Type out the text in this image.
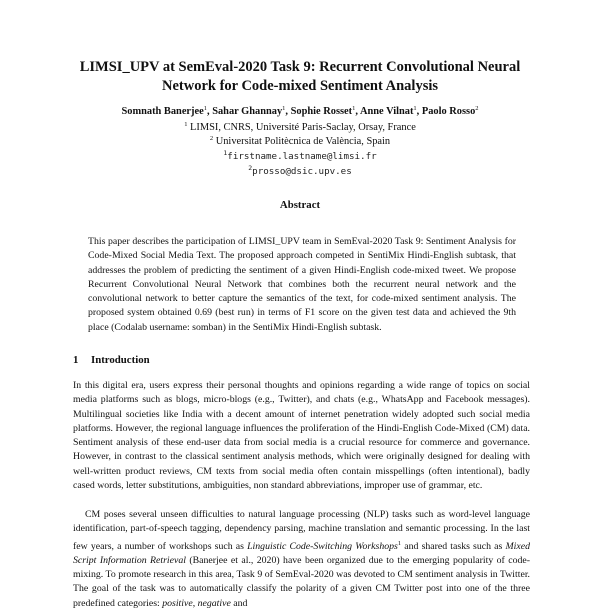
LIMSI_UPV at SemEval-2020 Task 9: Recurrent Convolutional Neural
Network for Code-mixed Sentiment Analysis
Somnath Banerjee$^1$, Sahar Ghannay$^1$, Sophie Rosset$^1$, Anne Vilnat$^1$, Paolo Rosso$^2$
$^1$ LIMSI, CNRS, Université Paris-Saclay, Orsay, France
$^2$ Universitat Politècnica de València, Spain
$^1$firstname.lastname@limsi.fr
$^2$prosso@dsic.upv.es
Abstract
This paper describes the participation of LIMSI_UPV team in SemEval-2020 Task 9: Sentiment Analysis for Code-Mixed Social Media Text. The proposed approach competed in SentiMix Hindi-English subtask, that addresses the problem of predicting the sentiment of a given Hindi-English code-mixed tweet. We propose Recurrent Convolutional Neural Network that combines both the recurrent neural network and the convolutional network to better capture the semantics of the text, for code-mixed sentiment analysis. The proposed system obtained 0.69 (best run) in terms of F1 score on the given test data and achieved the 9th place (Codalab username: somban) in the SentiMix Hindi-English subtask.
1 Introduction
In this digital era, users express their personal thoughts and opinions regarding a wide range of topics on social media platforms such as blogs, micro-blogs (e.g., Twitter), and chats (e.g., WhatsApp and Facebook messages). Multilingual societies like India with a decent amount of internet penetration widely adopted such social media platforms. However, the regional language influences the proliferation of the Hindi-English Code-Mixed (CM) data. Sentiment analysis of these end-user data from social media is a crucial resource for commerce and governance. However, in contrast to the classical sentiment analysis methods, which were originally designed for dealing with well-written product reviews, CM texts from social media often contain misspellings (often intentional), badly cased words, letter substitutions, ambiguities, non standard abbreviations, improper use of grammar, etc.
CM poses several unseen difficulties to natural language processing (NLP) tasks such as word-level language identification, part-of-speech tagging, dependency parsing, machine translation and semantic processing. In the last few years, a number of workshops such as Linguistic Code-Switching Workshops$^1$ and shared tasks such as Mixed Script Information Retrieval (Banerjee et al., 2020) have been organized due to the emerging popularity of code-mixing. To promote research in this area, Task 9 of SemEval-2020 was devoted to CM sentiment analysis in Twitter. The goal of the task was to automatically classify the polarity of a given CM Twitter post into one of the three predefined categories: positive, negative and
